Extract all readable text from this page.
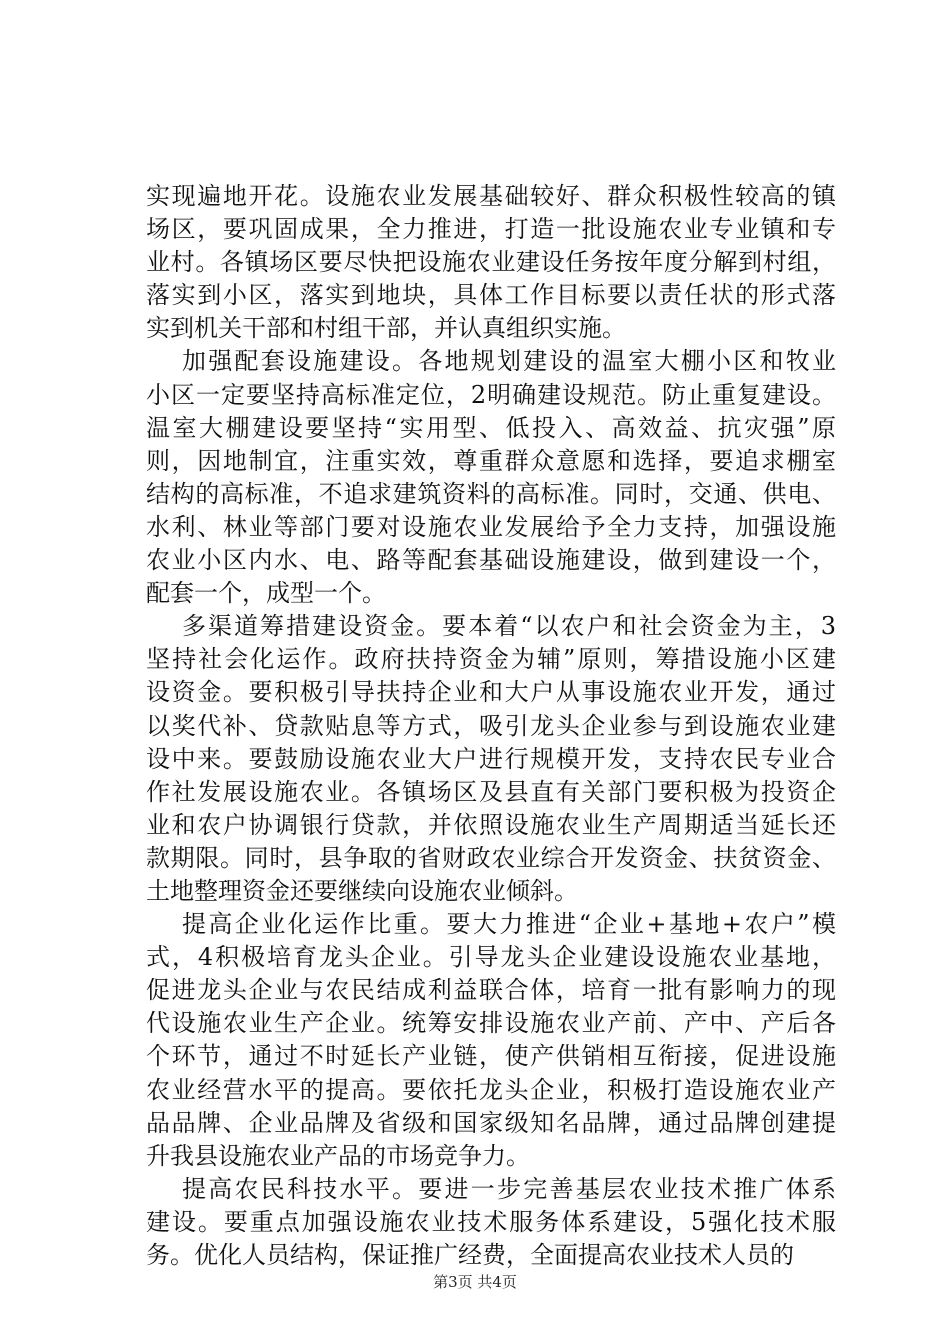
实现遍地开花。设施农业发展基础较好、群众积极性较高的镇
场区，要巩固成果，全力推进，打造一批设施农业专业镇和专
业村。各镇场区要尽快把设施农业建设任务按年度分解到村组，
落实到小区，落实到地块，具体工作目标要以责任状的形式落
实到机关干部和村组干部，并认真组织实施。
加强配套设施建设。各地规划建设的温室大棚小区和牧业
小区一定要坚持高标准定位，2明确建设规范。防止重复建设。
温室大棚建设要坚持“实用型、低投入、高效益、抗灾强”原
则，因地制宜，注重实效，尊重群众意愿和选择，要追求棚室
结构的高标准，不追求建筑资料的高标准。同时，交通、供电、
水利、林业等部门要对设施农业发展给予全力支持，加强设施
农业小区内水、电、路等配套基础设施建设，做到建设一个，
配套一个，成型一个。
多渠道筹措建设资金。要本着“以农户和社会资金为主，3
坚持社会化运作。政府扶持资金为辅”原则，筹措设施小区建
设资金。要积极引导扶持企业和大户从事设施农业开发，通过
以奖代补、贷款贴息等方式，吸引龙头企业参与到设施农业建
设中来。要鼓励设施农业大户进行规模开发，支持农民专业合
作社发展设施农业。各镇场区及县直有关部门要积极为投资企
业和农户协调银行贷款，并依照设施农业生产周期适当延长还
款期限。同时，县争取的省财政农业综合开发资金、扶贫资金、
土地整理资金还要继续向设施农业倾斜。
提高企业化运作比重。要大力推进“企业+基地+农户”模
式，4积极培育龙头企业。引导龙头企业建设设施农业基地，
促进龙头企业与农民结成利益联合体，培育一批有影响力的现
代设施农业生产企业。统筹安排设施农业产前、产中、产后各
个环节，通过不时延长产业链，使产供销相互衔接，促进设施
农业经营水平的提高。要依托龙头企业，积极打造设施农业产
品品牌、企业品牌及省级和国家级知名品牌，通过品牌创建提
升我县设施农业产品的市场竞争力。
提高农民科技水平。要进一步完善基层农业技术推广体系
建设。要重点加强设施农业技术服务体系建设，5强化技术服
务。优化人员结构，保证推广经费，全面提高农业技术人员的
第3页 共4页
